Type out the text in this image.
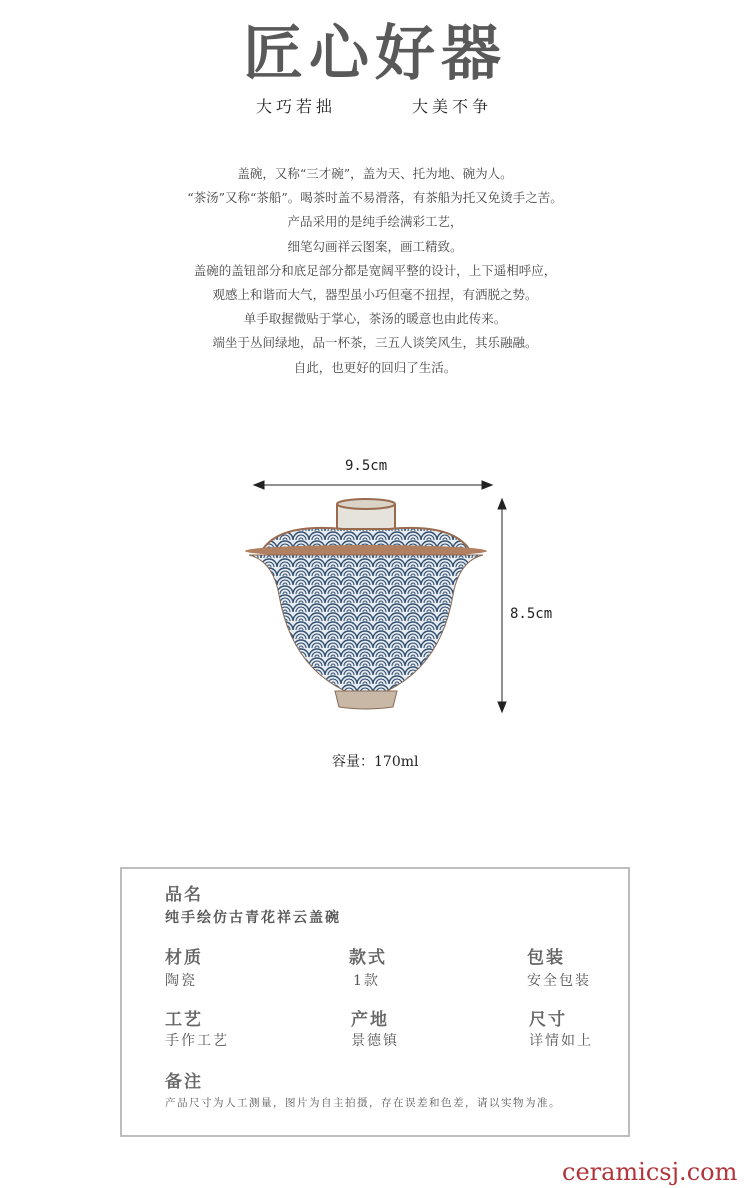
匠心好器
大巧若拙	大美不争
盖碗，又称“三才碗”，盖为天、托为地、碗为人。
“茶汤”又称“茶船”。喝茶时盖不易滑落，有茶船为托又免烫手之苦。
产品采用的是纯手绘满彩工艺，
细笔勾画祥云图案，画工精致。
盖碗的盖钮部分和底足部分都是宽阔平整的设计，上下遥相呼应，
观感上和谐而大气，器型虽小巧但毫不扭捏，有洒脱之势。
单手取握微贴于掌心，茶汤的暖意也由此传来。
端坐于丛间绿地，品一杯茶，三五人谈笑风生，其乐融融。
自此，也更好的回归了生活。
9.5cm
8.5cm
容量：170ml
品名
纯手绘仿古青花祥云盖碗
材质
陶瓷
款式
1款
包装
安全包装
工艺
手作工艺
产地
景德镇
尺寸
详情如上
备注
产品尺寸为人工测量，图片为自主拍摄，存在误差和色差，请以实物为准。
ceramicsj.com
